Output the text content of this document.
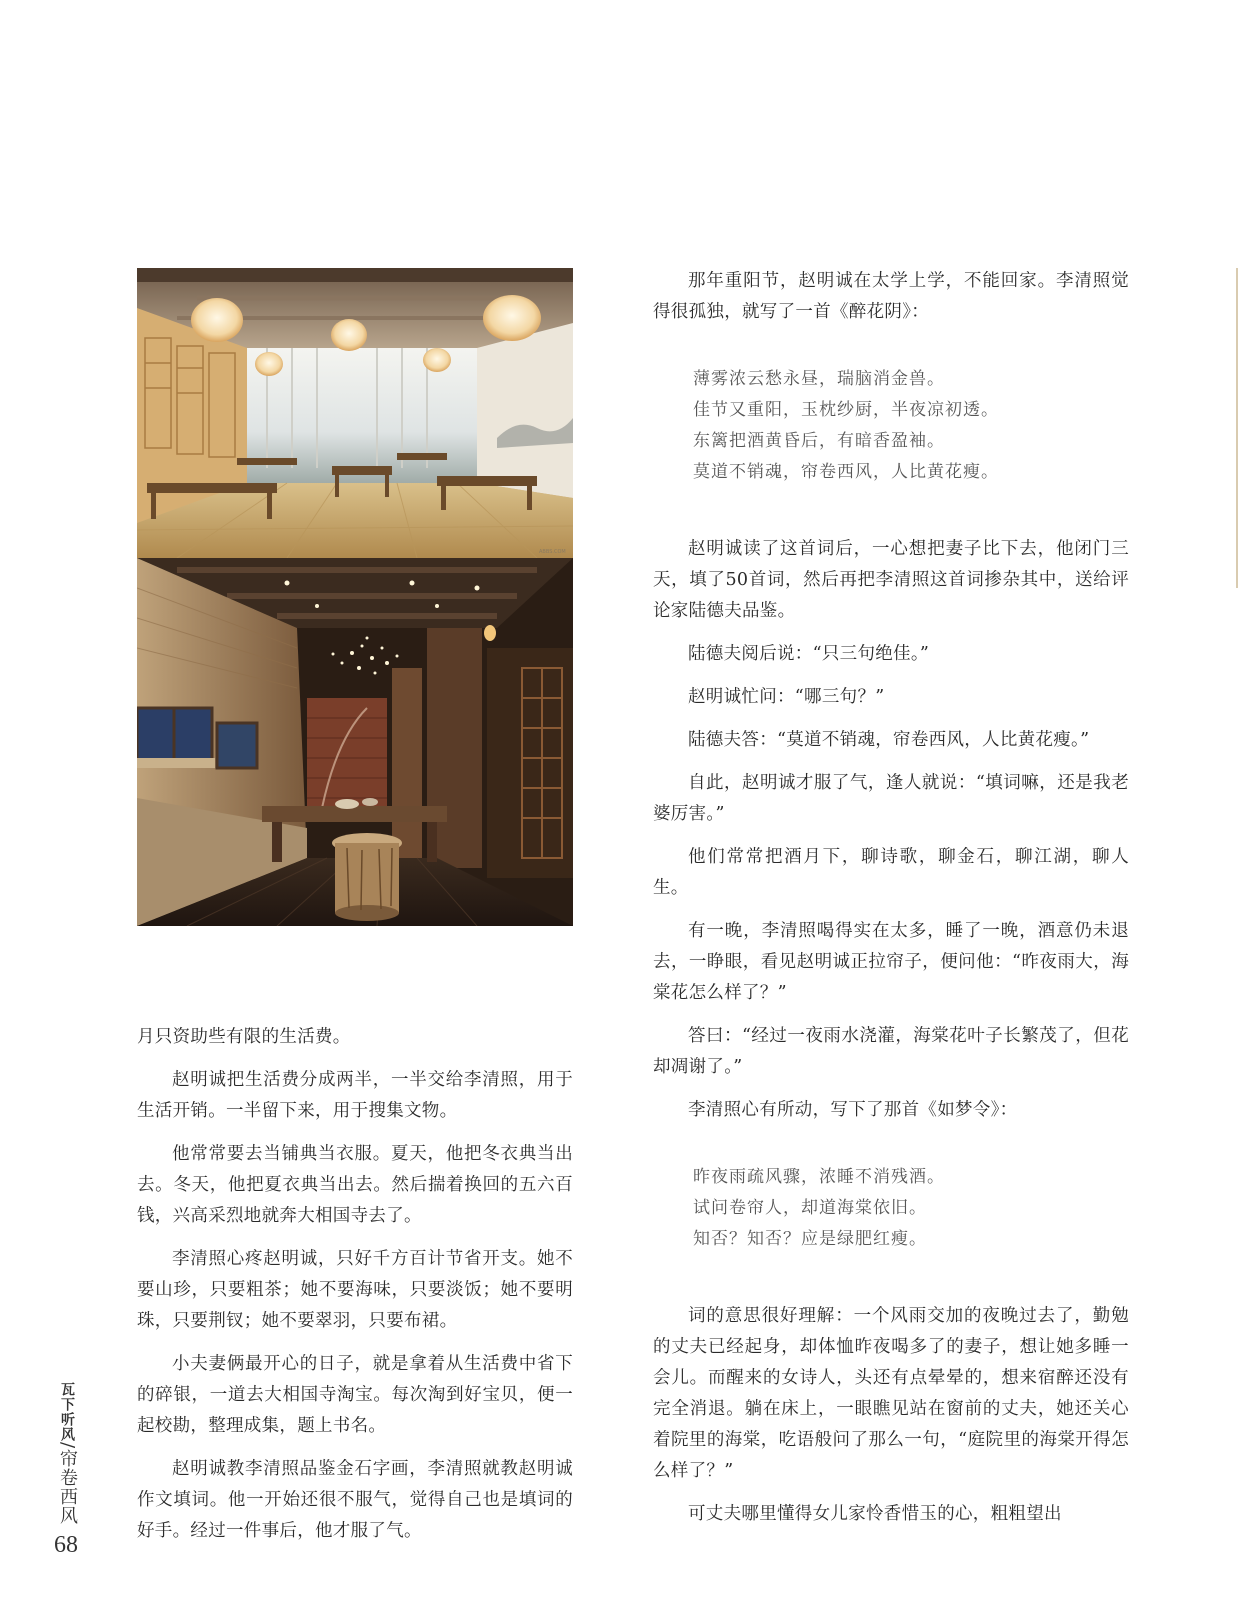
ABBS.COM

月只资助些有限的生活费。

赵明诚把生活费分成两半，一半交给李清照，用于生活开销。一半留下来，用于搜集文物。

他常常要去当铺典当衣服。夏天，他把冬衣典当出去。冬天，他把夏衣典当出去。然后揣着换回的五六百钱，兴高采烈地就奔大相国寺去了。

李清照心疼赵明诚，只好千方百计节省开支。她不要山珍，只要粗茶；她不要海味，只要淡饭；她不要明珠，只要荆钗；她不要翠羽，只要布裙。

小夫妻俩最开心的日子，就是拿着从生活费中省下的碎银，一道去大相国寺淘宝。每次淘到好宝贝，便一起校勘，整理成集，题上书名。

赵明诚教李清照品鉴金石字画，李清照就教赵明诚作文填词。他一开始还很不服气，觉得自己也是填词的好手。经过一件事后，他才服了气。

那年重阳节，赵明诚在太学上学，不能回家。李清照觉得很孤独，就写了一首《醉花阴》：

薄雾浓云愁永昼，瑞脑消金兽。
佳节又重阳，玉枕纱厨，半夜凉初透。
东篱把酒黄昏后，有暗香盈袖。
莫道不销魂，帘卷西风，人比黄花瘦。

赵明诚读了这首词后，一心想把妻子比下去，他闭门三天，填了50首词，然后再把李清照这首词掺杂其中，送给评论家陆德夫品鉴。

陆德夫阅后说：“只三句绝佳。”

赵明诚忙问：“哪三句？”

陆德夫答：“莫道不销魂，帘卷西风，人比黄花瘦。”

自此，赵明诚才服了气，逢人就说：“填词嘛，还是我老婆厉害。”

他们常常把酒月下，聊诗歌，聊金石，聊江湖，聊人生。

有一晚，李清照喝得实在太多，睡了一晚，酒意仍未退去，一睁眼，看见赵明诚正拉帘子，便问他：“昨夜雨大，海棠花怎么样了？”

答曰：“经过一夜雨水浇灌，海棠花叶子长繁茂了，但花却凋谢了。”

李清照心有所动，写下了那首《如梦令》：

昨夜雨疏风骤，浓睡不消残酒。
试问卷帘人，却道海棠依旧。
知否？知否？应是绿肥红瘦。

词的意思很好理解：一个风雨交加的夜晚过去了，勤勉的丈夫已经起身，却体恤昨夜喝多了的妻子，想让她多睡一会儿。而醒来的女诗人，头还有点晕晕的，想来宿醉还没有完全消退。躺在床上，一眼瞧见站在窗前的丈夫，她还关心着院里的海棠，吃语般问了那么一句，“庭院里的海棠开得怎么样了？”

可丈夫哪里懂得女儿家怜香惜玉的心，粗粗望出

瓦下听风/帘卷西风
68
